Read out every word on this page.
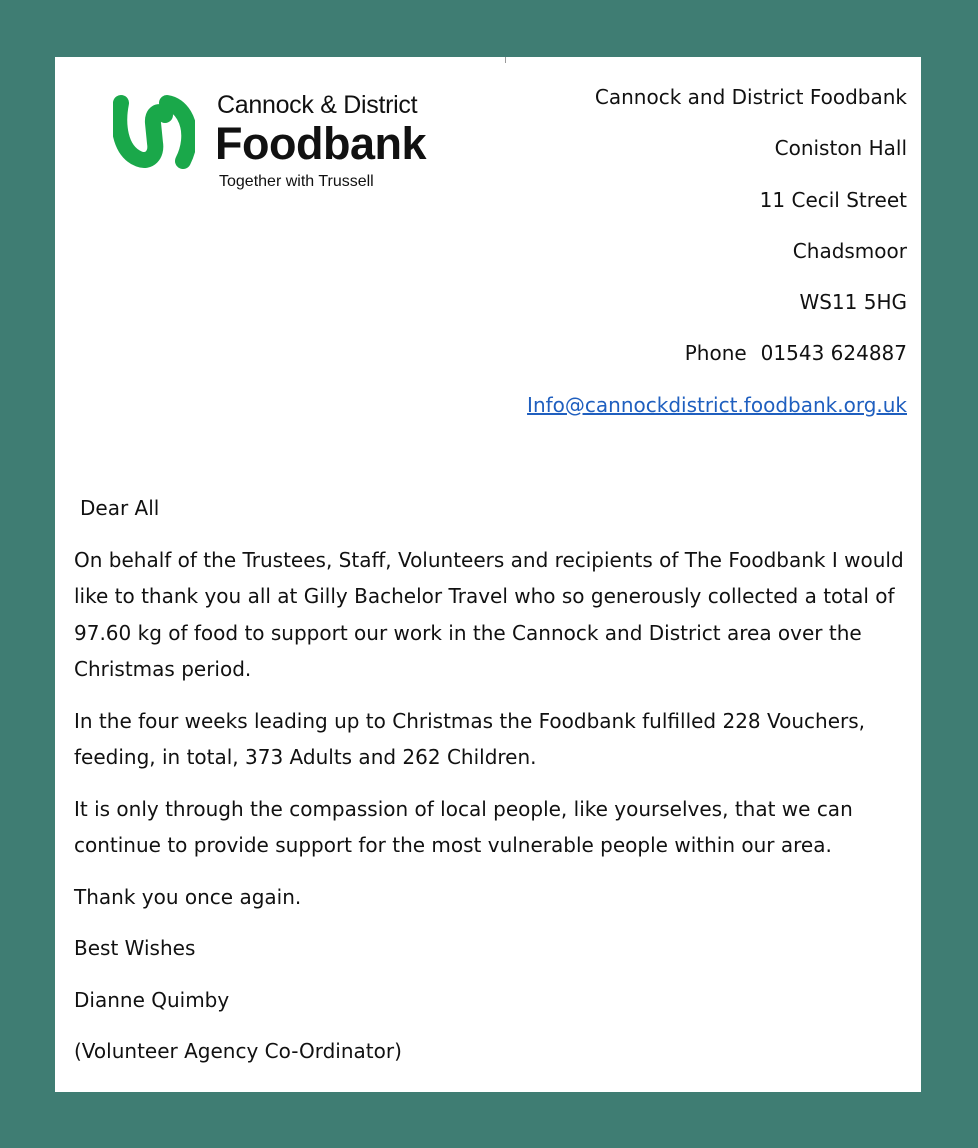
Cannock & District
Foodbank
Together with Trussell
Cannock and District Foodbank
Coniston Hall
11 Cecil Street
Chadsmoor
WS11 5HG
Phone 01543 624887
Info@cannockdistrict.foodbank.org.uk

Dear All

On behalf of the Trustees, Staff, Volunteers and recipients of The Foodbank I would like to thank you all at Gilly Bachelor Travel who so generously collected a total of 97.60 kg of food to support our work in the Cannock and District area over the Christmas period.

In the four weeks leading up to Christmas the Foodbank fulfilled 228 Vouchers, feeding, in total, 373 Adults and 262 Children.

It is only through the compassion of local people, like yourselves, that we can continue to provide support for the most vulnerable people within our area.

Thank you once again.

Best Wishes

Dianne Quimby

(Volunteer Agency Co-Ordinator)
